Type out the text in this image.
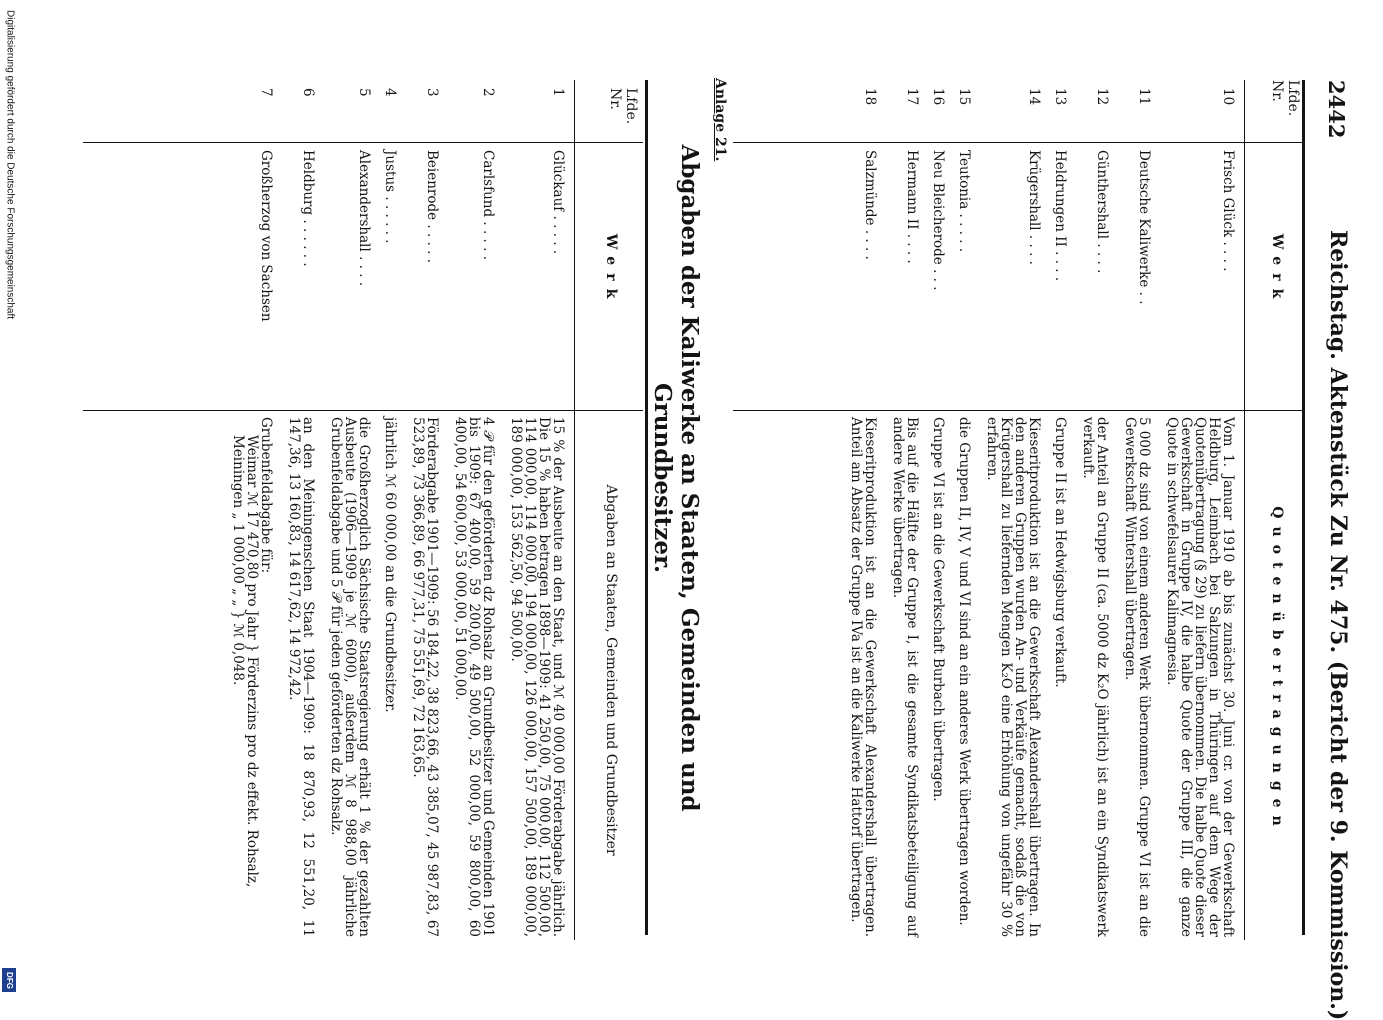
Digitalisierung gefördert durch die Deutsche Forschungsgemeinschaft
DFG
2442
Reichstag. Aktenstück Zu Nr. 475. (Bericht der 9. Kommission.)
Lfde. Nr.
Werk
Quotenübertragungen
10
Frisch Glück . . . .
Vom 1. Januar 1910 ab bis zunächst 30. Juni cr. von der Gewerkschaft Heldburg, Leimbach bei Salzungen in Thüringen auf dem Wege der Quotenübertragung (§ 29) zu liefern übernommen. Die halbe Quote dieser Gewerkschaft in Gruppe IV, die halbe Quote der Gruppe III, die ganze Quote in schwefelsaurer Kalimagnesia.
11
Deutsche Kaliwerke . .
5 000 dz sind von einem anderen Werk übernommen. Gruppe VI ist an die Gewerkschaft Wintershall übertragen.
12
Günthershall . . . .
der Anteil an Gruppe II (ca. 5000 dz K₂O jährlich) ist an ein Syndikatswerk verkauft.
13
Heldrungen II . . . .
Gruppe II ist an Hedwigsburg verkauft.
14
Krügershall . . . .
Kieseritproduktion ist an die Gewerkschaft Alexandershall übertragen. In den anderen Gruppen wurden An- und Verkäufe gemacht, sodaß die von Krügershall zu liefernden Mengen K₂O eine Erhöhung von ungefähr 30 % erfahren.
15
Teutonia . . . . .
die Gruppen II, IV, V und VI sind an ein anderes Werk übertragen worden.
16
Neu Bleicherode . . .
Gruppe VI ist an die Gewerkschaft Burbach übertragen.
17
Hermann II . . . .
Bis auf die Hälfte der Gruppe I, ist die gesamte Syndikatsbeteiligung auf andere Werke übertragen.
18
Salzmünde . . . .
Kieseritproduktion ist an die Gewerkschaft Alexandershall übertragen. Anteil am Absatz der Gruppe IVa ist an die Kaliwerke Hattorf übertragen.
Anlage 21.
Abgaben der Kaliwerke an Staaten, Gemeinden und Grundbesitzer.
Lfde. Nr.
Werk
Abgaben an Staaten, Gemeinden und Grundbesitzer
1
Glückauf . . . . .
15 % der Ausbeute an den Staat, und ℳ 40 000,00 Förderabgabe jährlich. Die 15 % haben betragen 1898—1909: 41 250,00, 75 000,00, 112 500,00, 114 000,00, 114 000,00, 194 000,00, 126 000,00, 157 500,00, 189 000,00, 189 000,00, 153 562,50, 94 500,00.
2
Carlsfund . . . . .
4 𝒫 für den geförderten dz Rohsalz an Grundbesitzer und Gemeinden 1901 bis 1909: 67 400,00, 59 200,00, 49 500,00, 52 000,00, 59 800,00, 60 400,00, 54 600,00, 53 000,00, 51 000,00.
3
Beienrode . . . . .
Förderabgabe 1901—1909: 56 184,22, 38 823,66, 43 385,07, 45 987,83, 67 523,89, 73 366,89, 66 977,31, 75 551,69, 72 163,65.
4
Justus . . . . . .
jährlich ℳ 60 000,00 an die Grundbesitzer.
5
Alexandershall . . . .
die Großherzoglich Sächsische Staatsregierung erhält 1 % der gezahlten Ausbeute (1906—1909 je ℳ 6000), außerdem ℳ 8 988,00 jährliche Grubenfeldabgabe und 5 𝒫 für jeden geförderten dz Rohsalz.
6
Heldburg . . . . . .
an den Meiningenschen Staat 1904—1909: 18 870,93, 12 551,20, 11 147,36, 13 160,83, 14 617,62, 14 972,42.
7
Großherzog von Sachsen
Grubenfeldabgabe für:
Weimar ℳ 17 470,80 pro Jahr } Förderzins pro dz effekt. Rohsalz,
Meiningen „ 1 000,00 „ „ } ℳ 0,048.
